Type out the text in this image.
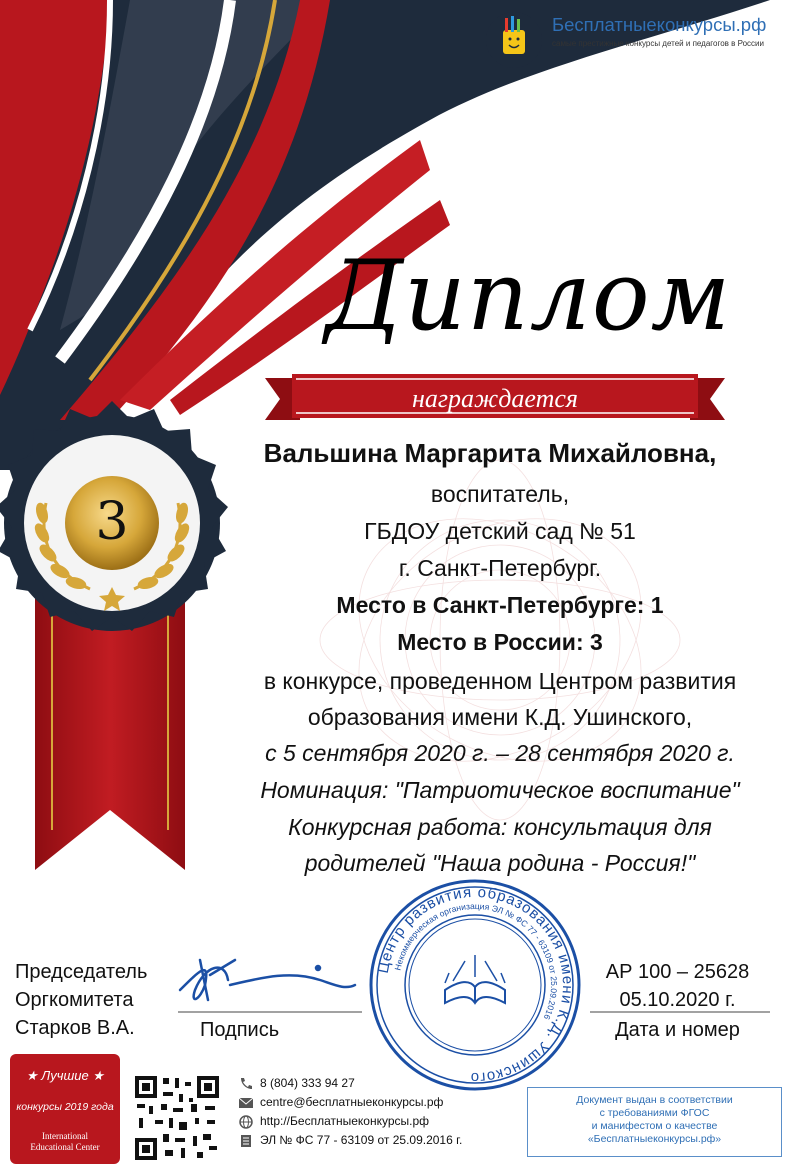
Бесплатныеконкурсы.рф
самые престижные конкурсы детей и педагогов в России
Диплом
награждается
3
Вальшина Маргарита Михайловна,
воспитатель,
ГБДОУ детский сад № 51
г. Санкт-Петербург.
Место в Санкт-Петербурге: 1
Место в России: 3
в конкурсе, проведенном Центром развития
образования имени К.Д. Ушинского,
с 5 сентября 2020 г. – 28 сентября 2020 г.
Номинация: "Патриотическое воспитание"
Конкурсная работа: консультация для
родителей "Наша родина - Россия!"
Председатель
Оргкомитета
Старков В.А.	Подпись
Центр развития образования имени К.Д. Ушинского
Некоммерческая организация ЭЛ № ФС 77 - 63109 от 25.09.2016
АР 100 – 25628
05.10.2020 г.
Дата и номер
★ Лучшие ★
конкурсы 2019 года
International
Educational Center
8 (804) 333 94 27
centre@бесплатныеконкурсы.рф
http://Бесплатныеконкурсы.рф
ЭЛ № ФС 77 - 63109 от 25.09.2016 г.
Документ выдан в соответствии
с требованиями ФГОС
и манифестом о качестве
«Бесплатныеконкурсы.рф»
